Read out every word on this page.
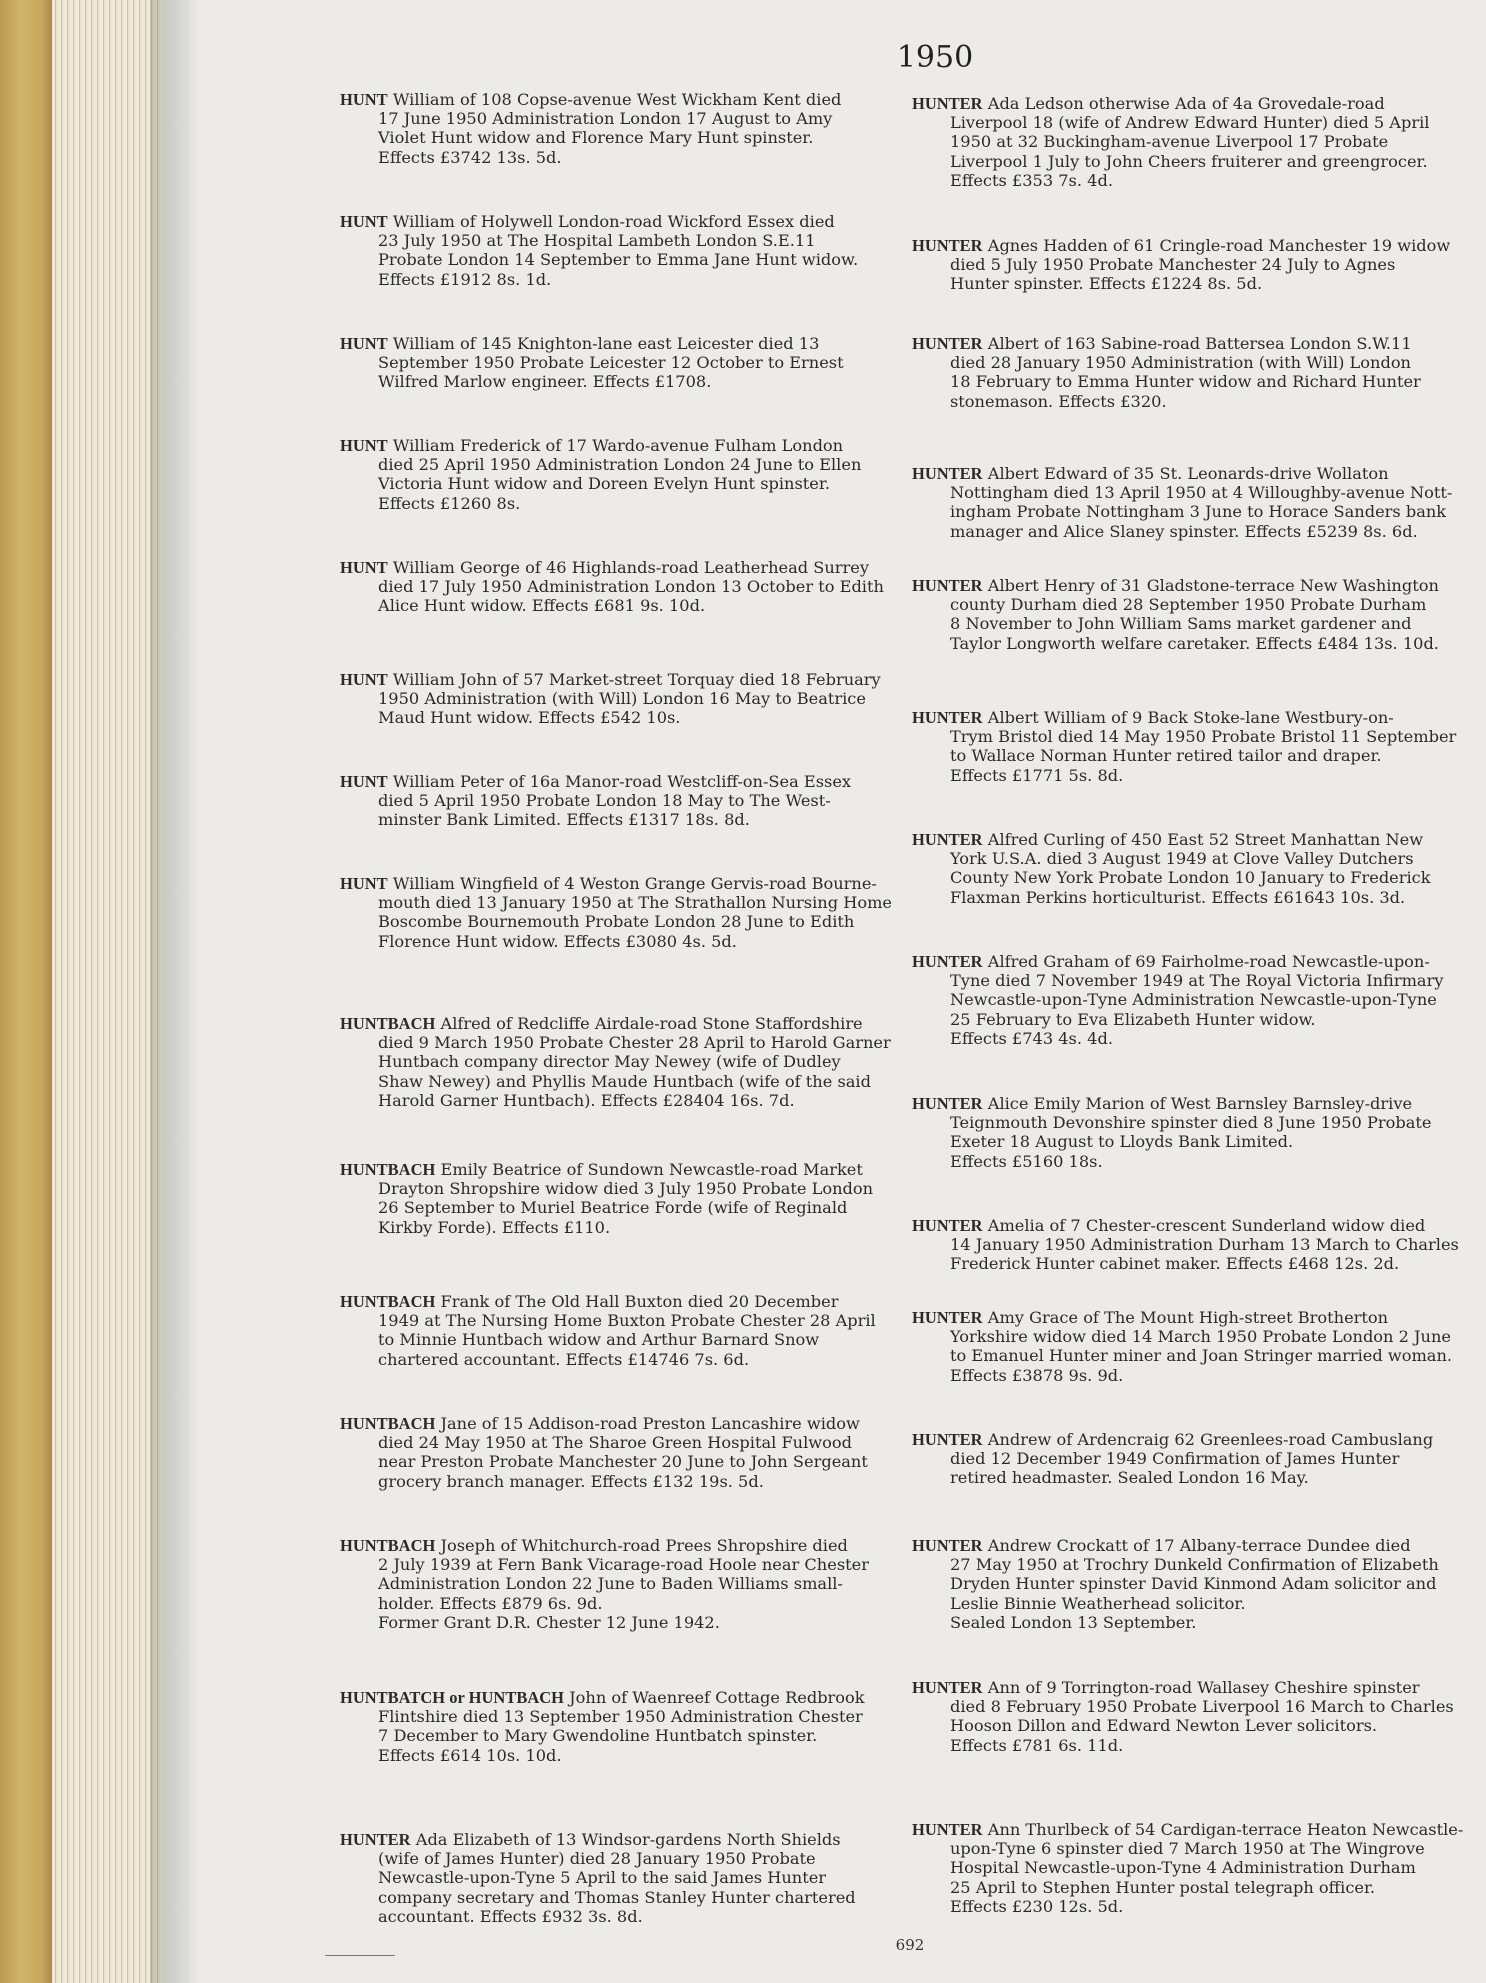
1950
HUNT William of 108 Copse-avenue West Wickham Kent died
17 June 1950 Administration London 17 August to Amy
Violet Hunt widow and Florence Mary Hunt spinster.
Effects £3742 13s. 5d.
HUNT William of Holywell London-road Wickford Essex died
23 July 1950 at The Hospital Lambeth London S.E.11
Probate London 14 September to Emma Jane Hunt widow.
Effects £1912 8s. 1d.
HUNT William of 145 Knighton-lane east Leicester died 13
September 1950 Probate Leicester 12 October to Ernest
Wilfred Marlow engineer. Effects £1708.
HUNT William Frederick of 17 Wardo-avenue Fulham London
died 25 April 1950 Administration London 24 June to Ellen
Victoria Hunt widow and Doreen Evelyn Hunt spinster.
Effects £1260 8s.
HUNT William George of 46 Highlands-road Leatherhead Surrey
died 17 July 1950 Administration London 13 October to Edith
Alice Hunt widow. Effects £681 9s. 10d.
HUNT William John of 57 Market-street Torquay died 18 February
1950 Administration (with Will) London 16 May to Beatrice
Maud Hunt widow. Effects £542 10s.
HUNT William Peter of 16a Manor-road Westcliff-on-Sea Essex
died 5 April 1950 Probate London 18 May to The West-
minster Bank Limited. Effects £1317 18s. 8d.
HUNT William Wingfield of 4 Weston Grange Gervis-road Bourne-
mouth died 13 January 1950 at The Strathallon Nursing Home
Boscombe Bournemouth Probate London 28 June to Edith
Florence Hunt widow. Effects £3080 4s. 5d.
HUNTBACH Alfred of Redcliffe Airdale-road Stone Staffordshire
died 9 March 1950 Probate Chester 28 April to Harold Garner
Huntbach company director May Newey (wife of Dudley
Shaw Newey) and Phyllis Maude Huntbach (wife of the said
Harold Garner Huntbach). Effects £28404 16s. 7d.
HUNTBACH Emily Beatrice of Sundown Newcastle-road Market
Drayton Shropshire widow died 3 July 1950 Probate London
26 September to Muriel Beatrice Forde (wife of Reginald
Kirkby Forde). Effects £110.
HUNTBACH Frank of The Old Hall Buxton died 20 December
1949 at The Nursing Home Buxton Probate Chester 28 April
to Minnie Huntbach widow and Arthur Barnard Snow
chartered accountant. Effects £14746 7s. 6d.
HUNTBACH Jane of 15 Addison-road Preston Lancashire widow
died 24 May 1950 at The Sharoe Green Hospital Fulwood
near Preston Probate Manchester 20 June to John Sergeant
grocery branch manager. Effects £132 19s. 5d.
HUNTBACH Joseph of Whitchurch-road Prees Shropshire died
2 July 1939 at Fern Bank Vicarage-road Hoole near Chester
Administration London 22 June to Baden Williams small-
holder. Effects £879 6s. 9d.
Former Grant D.R. Chester 12 June 1942.
HUNTBATCH or HUNTBACH John of Waenreef Cottage Redbrook
Flintshire died 13 September 1950 Administration Chester
7 December to Mary Gwendoline Huntbatch spinster.
Effects £614 10s. 10d.
HUNTER Ada Elizabeth of 13 Windsor-gardens North Shields
(wife of James Hunter) died 28 January 1950 Probate
Newcastle-upon-Tyne 5 April to the said James Hunter
company secretary and Thomas Stanley Hunter chartered
accountant. Effects £932 3s. 8d.
HUNTER Ada Ledson otherwise Ada of 4a Grovedale-road
Liverpool 18 (wife of Andrew Edward Hunter) died 5 April
1950 at 32 Buckingham-avenue Liverpool 17 Probate
Liverpool 1 July to John Cheers fruiterer and greengrocer.
Effects £353 7s. 4d.
HUNTER Agnes Hadden of 61 Cringle-road Manchester 19 widow
died 5 July 1950 Probate Manchester 24 July to Agnes
Hunter spinster. Effects £1224 8s. 5d.
HUNTER Albert of 163 Sabine-road Battersea London S.W.11
died 28 January 1950 Administration (with Will) London
18 February to Emma Hunter widow and Richard Hunter
stonemason. Effects £320.
HUNTER Albert Edward of 35 St. Leonards-drive Wollaton
Nottingham died 13 April 1950 at 4 Willoughby-avenue Nott-
ingham Probate Nottingham 3 June to Horace Sanders bank
manager and Alice Slaney spinster. Effects £5239 8s. 6d.
HUNTER Albert Henry of 31 Gladstone-terrace New Washington
county Durham died 28 September 1950 Probate Durham
8 November to John William Sams market gardener and
Taylor Longworth welfare caretaker. Effects £484 13s. 10d.
HUNTER Albert William of 9 Back Stoke-lane Westbury-on-
Trym Bristol died 14 May 1950 Probate Bristol 11 September
to Wallace Norman Hunter retired tailor and draper.
Effects £1771 5s. 8d.
HUNTER Alfred Curling of 450 East 52 Street Manhattan New
York U.S.A. died 3 August 1949 at Clove Valley Dutchers
County New York Probate London 10 January to Frederick
Flaxman Perkins horticulturist. Effects £61643 10s. 3d.
HUNTER Alfred Graham of 69 Fairholme-road Newcastle-upon-
Tyne died 7 November 1949 at The Royal Victoria Infirmary
Newcastle-upon-Tyne Administration Newcastle-upon-Tyne
25 February to Eva Elizabeth Hunter widow.
Effects £743 4s. 4d.
HUNTER Alice Emily Marion of West Barnsley Barnsley-drive
Teignmouth Devonshire spinster died 8 June 1950 Probate
Exeter 18 August to Lloyds Bank Limited.
Effects £5160 18s.
HUNTER Amelia of 7 Chester-crescent Sunderland widow died
14 January 1950 Administration Durham 13 March to Charles
Frederick Hunter cabinet maker. Effects £468 12s. 2d.
HUNTER Amy Grace of The Mount High-street Brotherton
Yorkshire widow died 14 March 1950 Probate London 2 June
to Emanuel Hunter miner and Joan Stringer married woman.
Effects £3878 9s. 9d.
HUNTER Andrew of Ardencraig 62 Greenlees-road Cambuslang
died 12 December 1949 Confirmation of James Hunter
retired headmaster. Sealed London 16 May.
HUNTER Andrew Crockatt of 17 Albany-terrace Dundee died
27 May 1950 at Trochry Dunkeld Confirmation of Elizabeth
Dryden Hunter spinster David Kinmond Adam solicitor and
Leslie Binnie Weatherhead solicitor.
Sealed London 13 September.
HUNTER Ann of 9 Torrington-road Wallasey Cheshire spinster
died 8 February 1950 Probate Liverpool 16 March to Charles
Hooson Dillon and Edward Newton Lever solicitors.
Effects £781 6s. 11d.
HUNTER Ann Thurlbeck of 54 Cardigan-terrace Heaton Newcastle-
upon-Tyne 6 spinster died 7 March 1950 at The Wingrove
Hospital Newcastle-upon-Tyne 4 Administration Durham
25 April to Stephen Hunter postal telegraph officer.
Effects £230 12s. 5d.
692
